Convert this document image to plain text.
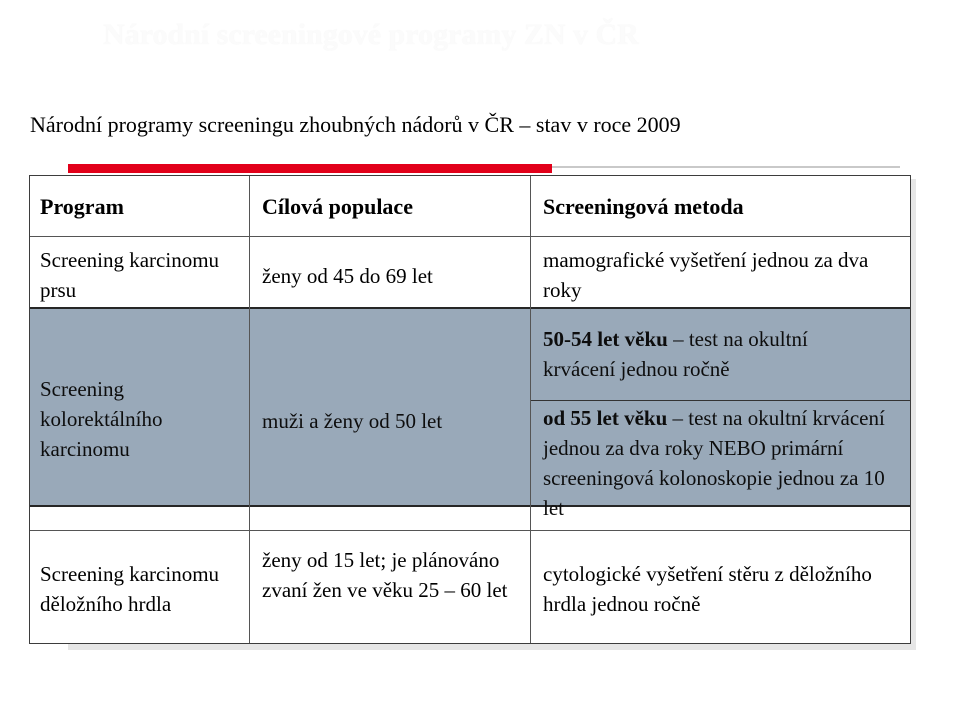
Národní screeningové programy ZN v ČR
Národní programy screeningu zhoubných nádorů v ČR – stav v roce 2009
Program	Cílová populace	Screeningová metoda
Screening karcinomu prsu
ženy od 45 do 69 let
mamografické vyšetření jednou za dva roky
Screening kolorektálního karcinomu
muži a ženy od 50 let
50-54 let věku – test na okultní krvácení jednou ročně
od 55 let věku – test na okultní krvácení jednou za dva roky NEBO primární screeningová kolonoskopie jednou za 10 let
Screening karcinomu děložního hrdla
ženy od 15 let; je plánováno zvaní žen ve věku 25 – 60 let
cytologické vyšetření stěru z děložního hrdla jednou ročně
